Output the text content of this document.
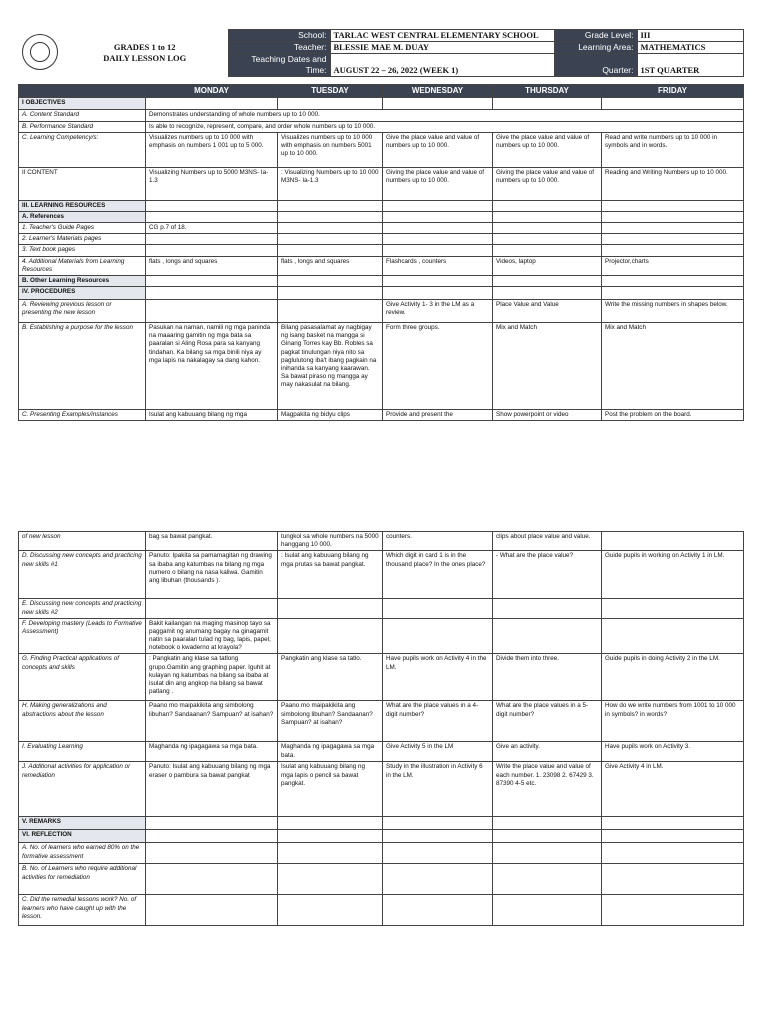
	GRADES 1 to 12
DAILY LESSON LOG	School:	TARLAC WEST CENTRAL ELEMENTARY SCHOOL	Grade Level:	III
		Teacher:	BLESSIE MAE M. DUAY	Learning Area:	MATHEMATICS
		Teaching Dates and Time:	AUGUST 22 – 26, 2022 (WEEK 1)	Quarter:	1ST QUARTER
	MONDAY	TUESDAY	WEDNESDAY	THURSDAY	FRIDAY
I OBJECTIVES					
A. Content Standard	Demonstrates understanding of whole numbers up to 10 000.				
B. Performance Standard	Is able to recognize, represent, compare, and order whole numbers up to 10 000.				
C. Learning Competency/s:	Visualizes numbers up to 10 000 with emphasis on numbers 1 001 up to 5 000.	Visualizes numbers up to 10 000 with emphasis on numbers 5001 up to 10 000.	Give the place value and value of numbers up to 10 000.	Give the place value and value of numbers up to 10 000.	Read and write numbers up to 10 000 in symbols and in words.
II CONTENT	Visualizing Numbers up to 5000 M3NS- Ia-1.3	: Visualizing Numbers up to 10 000 M3NS- Ia-1.3	Giving the place value and value of numbers up to 10 000.	Giving the place value and value of numbers up to 10 000.	Reading and Writing Numbers up to 10 000.
III. LEARNING RESOURCES					
A. References					
1. Teacher's Guide Pages	CG p.7 of 18.				
2. Learner's Materials pages					
3. Text book pages					
4. Additional Materials from Learning Resources	flats , longs and squares	flats , longs and squares	Flashcards , counters	Videos, laptop	Projector,charts
B. Other Learning Resources					
IV. PROCEDURES					
A. Reviewing previous lesson or presenting the new lesson			Give Activity 1- 3 in the LM as a review.	Place Value and Value	Write the missing numbers in shapes below.
B. Establishing a purpose for the lesson	Pasukan na naman, namili ng mga paninda na maaaring gamitin ng mga bata sa paaralan si Aling Rosa para sa kanyang tindahan. Ka bilang sa mga binili niya ay mga lapis na nakalagay sa dang kahon.	Bilang pasasalamat ay nagbigay ng isang basket na mangga si Ginang Torres kay Bb. Robles sa pagkat tinulungan niya nito sa paglulutong iba't ibang pagkain na inihanda sa kanyang kaarawan. Sa bawat piraso ng mangga ay may nakasulat na bilang.	Form three groups.	Mix and Match	Mix and Match
C. Presenting Examples/instances	Isulat ang kabuuang bilang ng mga	Magpakita ng bidyu clips	Provide and present the	Show powerpoint or video	Post the problem on the board.
of new lesson	bag sa bawat pangkat.	tungkol sa whole numbers na 5000 hanggang 10 000.	counters.	clips about place value and value.	
D. Discussing new concepts and practicing new skills #1	Panuto: Ipakita sa pamamagitan ng drawing sa ibaba ang katumbas na bilang ng mga numero o bilang na nasa kaliwa. Gamitin ang libuhan (thousands ).	: Isulat ang kabuuang bilang ng mga prutas sa bawat pangkat.	Which digit in card 1 is in the thousand place? In the ones place?	- What are the place value?	Guide pupils in working on Activity 1 in LM.
E. Discussing new concepts and practicing new skills #2					
F. Developing mastery (Leads to Formative Assessment)	Bakit kailangan na maging masinop tayo sa paggamit ng anumang bagay na ginagamit natin sa paaralan tulad ng bag, lapis, papel, notebook o kwaderno at krayola?				
G. Finding Practical applications of concepts and skills	: Pangkatin ang klase sa tatlong grupo.Gamitin ang graphing paper. Iguhit at kulayan ng katumbas na bilang sa ibaba at isulat din ang angkop na bilang sa bawat patlang .	Pangkatin ang klase sa tatlo.	Have pupils work on Activity 4 in the LM.	Divide them into three.	Guide pupils in doing Activity 2 in the LM.
H. Making generalizations and abstractions about the lesson	Paano mo maipakikita ang simbolong libuhan? Sandaanan? Sampuan? at isahan?	Paano mo maipakikita ang simbolong libuhan? Sandaanan? Sampuan? at isahan?	What are the place values in a 4-digit number?	What are the place values in a 5-digit number?	How do we write numbers from 1001 to 10 000 in symbols? in words?
I. Evaluating Learning	Maghanda ng ipagagawa sa mga bata.	Maghanda ng ipagagawa sa mga bata.	Give Activity 5 in the LM	Give an activity.	Have pupils work on Activity 3.
J. Additional activities for application or remediation	Panuto: Isulat ang kabuuang bilang ng mga eraser o pambura sa bawat pangkat	Isulat ang kabuuang bilang ng mga lapis o pencil sa bawat pangkat.	Study in the illustration in Activity 6 in the LM.	Write the place value and value of each number. 1. 23098 2. 67429 3. 87390 4-5 etc.	Give Activity 4 in LM.
V. REMARKS					
VI. REFLECTION					
A. No. of learners who earned 80% on the formative assessment					
B. No. of Learners who require additional activities for remediation					
C. Did the remedial lessons work? No. of learners who have caught up with the lesson.					
